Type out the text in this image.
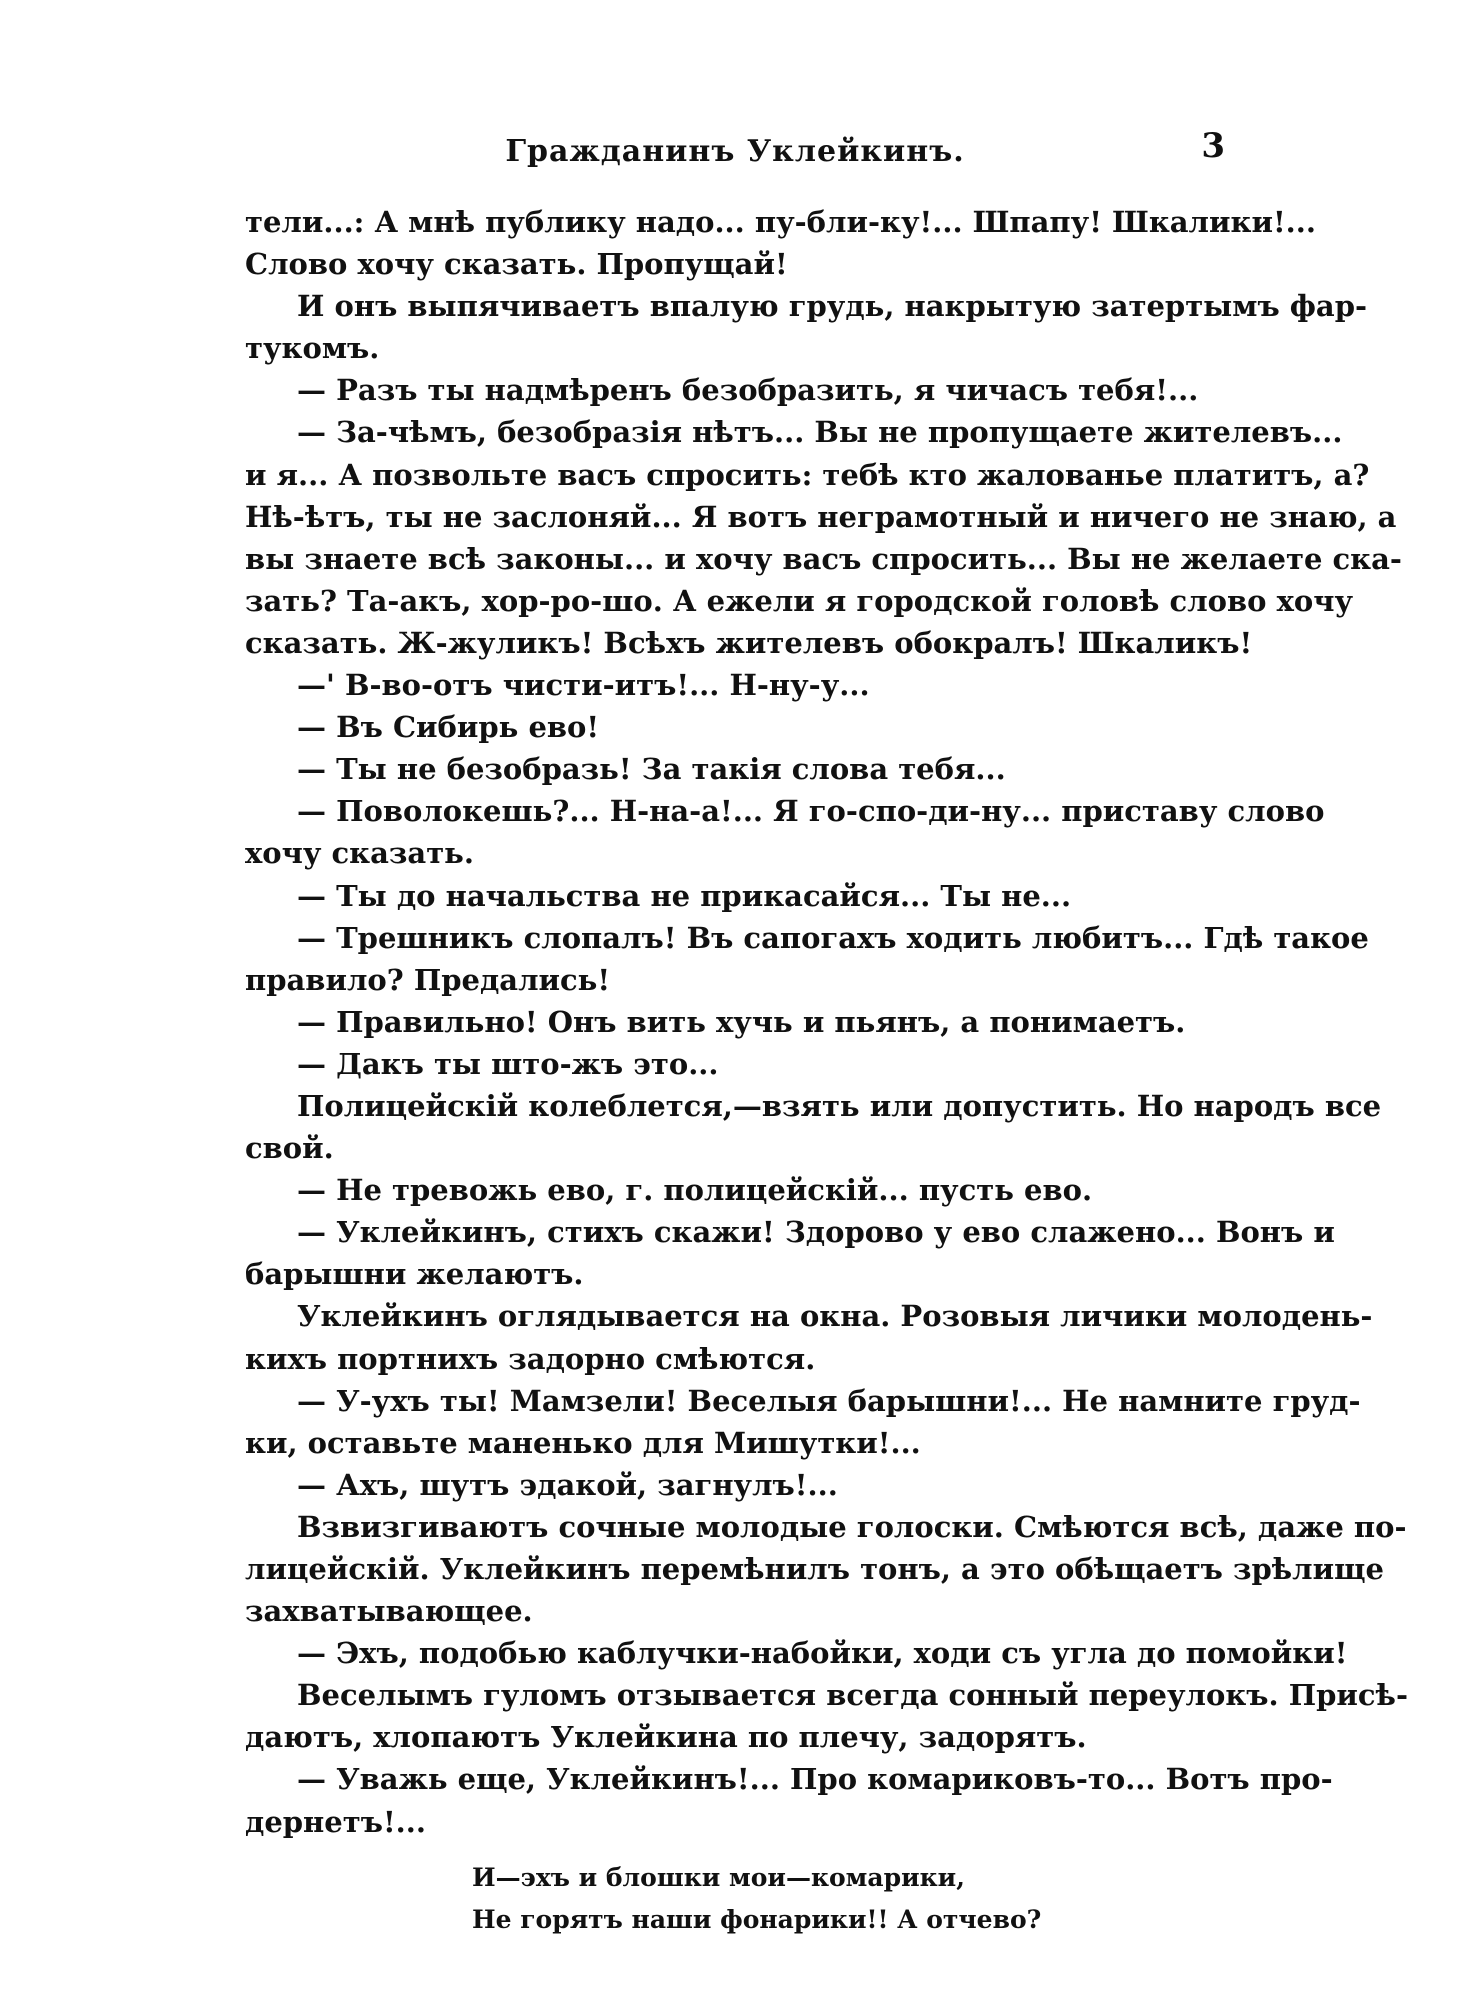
Гражданинъ Уклейкинъ.	3
тели...: А мнѣ публику надо... пу-бли-ку!... Шпапу! Шкалики!...
Слово хочу сказать. Пропущай!
И онъ выпячиваетъ впалую грудь, накрытую затертымъ фар-
тукомъ.
— Разъ ты надмѣренъ безобразить, я чичасъ тебя!...
— За-чѣмъ, безобразія нѣтъ... Вы не пропущаете жителевъ...
и я... А позвольте васъ спросить: тебѣ кто жалованье платитъ, а?
Нѣ-ѣтъ, ты не заслоняй... Я вотъ неграмотный и ничего не знаю, а
вы знаете всѣ законы... и хочу васъ спросить... Вы не желаете ска-
зать? Та-акъ, хор-ро-шо. А ежели я городской головѣ слово хочу
сказать. Ж-жуликъ! Всѣхъ жителевъ обокралъ! Шкаликъ!
—' В-во-отъ чисти-итъ!... Н-ну-у...
— Въ Сибирь ево!
— Ты не безобразь! За такія слова тебя...
— Поволокешь?... Н-на-а!... Я го-спо-ди-ну... приставу слово
хочу сказать.
— Ты до начальства не прикасайся... Ты не...
— Трешникъ слопалъ! Въ сапогахъ ходить любитъ... Гдѣ такое
правило? Предались!
— Правильно! Онъ вить хучь и пьянъ, а понимаетъ.
— Дакъ ты што-жъ это...
Полицейскій колеблется,—взять или допустить. Но народъ все
свой.
— Не тревожь ево, г. полицейскій... пусть ево.
— Уклейкинъ, стихъ скажи! Здорово у ево слажено... Вонъ и
барышни желаютъ.
Уклейкинъ оглядывается на окна. Розовыя личики молодень-
кихъ портнихъ задорно смѣются.
— У-ухъ ты! Мамзели! Веселыя барышни!... Не намните груд-
ки, оставьте маненько для Мишутки!...
— Ахъ, шутъ эдакой, загнулъ!...
Взвизгиваютъ сочные молодые голоски. Смѣются всѣ, даже по-
лицейскій. Уклейкинъ перемѣнилъ тонъ, а это обѣщаетъ зрѣлище
захватывающее.
— Эхъ, подобью каблучки-набойки, ходи съ угла до помойки!
Веселымъ гуломъ отзывается всегда сонный переулокъ. Присѣ-
даютъ, хлопаютъ Уклейкина по плечу, задорятъ.
— Уважь еще, Уклейкинъ!... Про комариковъ-то... Вотъ про-
дернетъ!...
И—эхъ и блошки мои—комарики,
Не горятъ наши фонарики!! А отчево?
